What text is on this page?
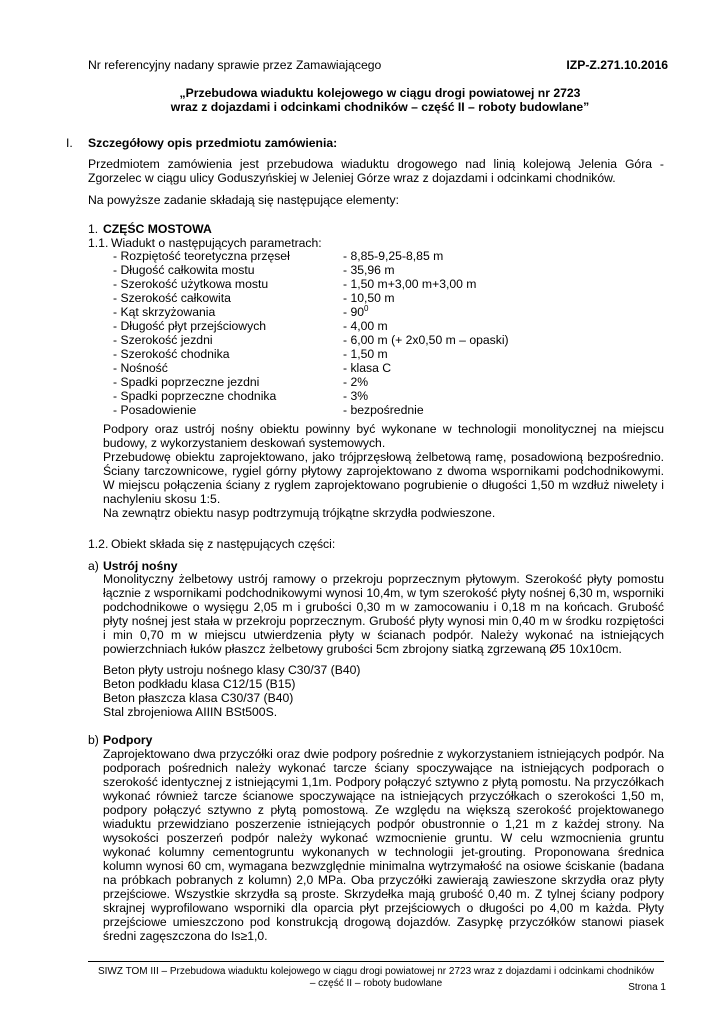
Nr referencyjny nadany sprawie przez Zamawiającego	IZP-Z.271.10.2016
„Przebudowa wiaduktu kolejowego w ciągu drogi powiatowej nr 2723
wraz z dojazdami i odcinkami chodników – część II – roboty budowlane”
I. Szczegółowy opis przedmiotu zamówienia:
Przedmiotem zamówienia jest przebudowa wiaduktu drogowego nad linią kolejową Jelenia Góra - Zgorzelec w ciągu ulicy Goduszyńskiej w Jeleniej Górze wraz z dojazdami i odcinkami chodników.
Na powyższe zadanie składają się następujące elementy:
1. CZĘŚC MOSTOWA
1.1. Wiadukt o następujących parametrach:
- Rozpiętość teoretyczna przęseł	- 8,85-9,25-8,85 m
- Długość całkowita mostu	- 35,96 m
- Szerokość użytkowa mostu	- 1,50 m+3,00 m+3,00 m
- Szerokość całkowita	- 10,50 m
- Kąt skrzyżowania	- $90^0$
- Długość płyt przejściowych	- 4,00 m
- Szerokość jezdni	- 6,00 m (+ 2x0,50 m – opaski)
- Szerokość chodnika	- 1,50 m
- Nośność	- klasa C
- Spadki poprzeczne jezdni	- 2%
- Spadki poprzeczne chodnika	- 3%
- Posadowienie	- bezpośrednie

Podpory oraz ustrój nośny obiektu powinny być wykonane w technologii monolitycznej na miejscu budowy, z wykorzystaniem deskowań systemowych.

Przebudowę obiektu zaprojektowano, jako trójprzęsłową żelbetową ramę, posadowioną bezpośrednio. Ściany tarczownicowe, rygiel górny płytowy zaprojektowano z dwoma wspornikami podchodnikowymi. W miejscu połączenia ściany z ryglem zaprojektowano pogrubienie o długości 1,50 m wzdłuż niwelety i nachyleniu skosu 1:5.

Na zewnątrz obiektu nasyp podtrzymują trójkątne skrzydła podwieszone.

1.2. Obiekt składa się z następujących części:
a) Ustrój nośny
Monolityczny żelbetowy ustrój ramowy o przekroju poprzecznym płytowym. Szerokość płyty pomostu łącznie z wspornikami podchodnikowymi wynosi 10,4m, w tym szerokość płyty nośnej 6,30 m, wsporniki podchodnikowe o wysięgu 2,05 m i grubości 0,30 m w zamocowaniu i 0,18 m na końcach. Grubość płyty nośnej jest stała w przekroju poprzecznym. Grubość płyty wynosi min 0,40 m w środku rozpiętości i min 0,70 m w miejscu utwierdzenia płyty w ścianach podpór. Należy wykonać na istniejących powierzchniach łuków płaszcz żelbetowy grubości 5cm zbrojony siatką zgrzewaną Ø5 10x10cm.

Beton płyty ustroju nośnego klasy C30/37 (B40)

Beton podkładu klasa C12/15 (B15)

Beton płaszcza klasa C30/37 (B40)

Stal zbrojeniowa AIIIN BSt500S.

b) Podpory
Zaprojektowano dwa przyczółki oraz dwie podpory pośrednie z wykorzystaniem istniejących podpór. Na podporach pośrednich należy wykonać tarcze ściany spoczywające na istniejących podporach o szerokość identycznej z istniejącymi 1,1m. Podpory połączyć sztywno z płytą pomostu. Na przyczółkach wykonać również tarcze ścianowe spoczywające na istniejących przyczółkach o szerokości 1,50 m, podpory połączyć sztywno z płytą pomostową. Ze względu na większą szerokość projektowanego wiaduktu przewidziano poszerzenie istniejących podpór obustronnie o 1,21 m z każdej strony. Na wysokości poszerzeń podpór należy wykonać wzmocnienie gruntu. W celu wzmocnienia gruntu wykonać kolumny cementogruntu wykonanych w technologii jet-grouting. Proponowana średnica kolumn wynosi 60 cm, wymagana bezwzględnie minimalna wytrzymałość na osiowe ściskanie (badana na próbkach pobranych z kolumn) 2,0 MPa. Oba przyczółki zawierają zawieszone skrzydła oraz płyty przejściowe. Wszystkie skrzydła są proste. Skrzydełka mają grubość 0,40 m. Z tylnej ściany podpory skrajnej wyprofilowano wsporniki dla oparcia płyt przejściowych o długości po 4,00 m każda. Płyty przejściowe umieszczono pod konstrukcją drogową dojazdów. Zasypkę przyczółków stanowi piasek średni zagęszczona do Is≥1,0.
SIWZ TOM III – Przebudowa wiaduktu kolejowego w ciągu drogi powiatowej nr 2723 wraz z dojazdami i odcinkami chodników
– część II – roboty budowlane	Strona 1
